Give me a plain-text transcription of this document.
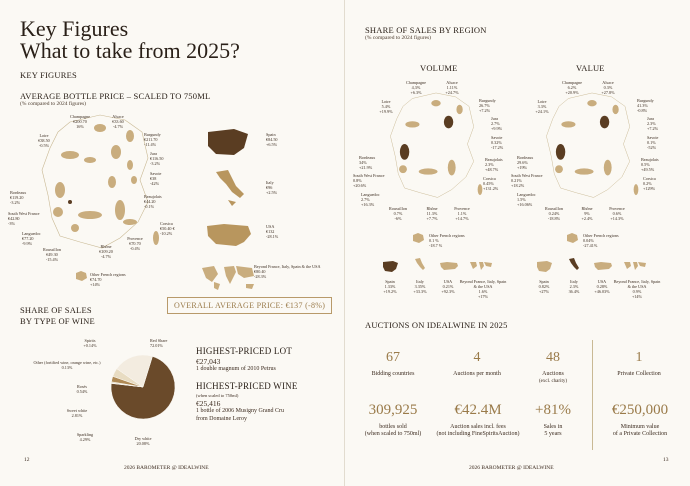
Key Figures
What to take from 2025?
KEY FIGURES
AVERAGE BOTTLE PRICE – SCALED TO 750ML
(% compared to 2024 figures)
Champagne
€200.70
16%
Alsace
€33.60
-4.7%
Loire
€38.50
-0.5%
Burgundy
€211.70
-11.4%
Jura
€116.50
-3.2%
Savoie
€38
-42%
Beaujolais
€44.20
-0.1%
Bordeaux
€119.20
-3.2%
South West France
€42.80
-3%
Languedoc
€77.20
-9.9%
Roussillon
€49.30
-15.4%
Rhône
€109.20
-4.7%
Provence
€70.70
-0.4%
Corsica
€50.40 €
-10.2%
Other French regions
€74.70
+14%
Spain
€84.50
+6.5%
Italy
€96
+2.5%
USA
€132
-28.1%
Beyond France, Italy, Spain & the USA
€80.40
-28.3%
OVERALL AVERAGE PRICE: €137 (-8%)
SHARE OF SALES
BY TYPE OF WINE
Red Share
72.01%
Spirits
+0.14%
Other (fortified wine, orange wine, etc.)
0.13%
Rosés
0.54%
Sweet white
2.81%
Sparkling
4.29%	Dry white
20.08%
HIGHEST-PRICED LOT
€27,043
1 double magnum of 2010 Petrus
HICHEST-PRICED WINE
(when scaled to 750ml)
€25,416
1 bottle of 2006 Musigny Grand Cru
from Domaine Leroy
12
2026 BAROMETER @ IDEALWINE
SHARE OF SALES BY REGION
(% compared to 2024 figures)
VOLUME	VALUE
Champagne
4,3%
+6.3%
Alsace
1.11%
+24.7%
Loire
5.4%
+19.9%
Burgundy
26.7%
+7.2%
Jura
2.7%
+9.9%
Savoie
0.32%
-17.2%
Beaujolais
2.3%
+48.7%
Bordeaux
34%
+21.9%
South West France
0.8%
+20.6%
Languedoc
2.7%
+16.3%
Roussillon
0.7%
-6%
Rhône
11.3%
+7.7%
Provence
1.1%
+14.7%
Corsica
0.45%
+131.2%
Champagne
6.2%
+20.9%
Alsace
0.3%
+27.8%
Loire
3.3%
+24.1%
Burgundy
41.3%
-0.8%
Jura
2.3%
+7.2%
Savoie
0.1%
-52%
Beaujolais
0.5%
+49.5%
Bordeaux
29.6%
+19%
South West France
0.21%
+18.2%
Languedoc
1.5%
+16.06%
Roussillon
0.24%
-18.8%
Rhône
9%
+2.4%
Provence
0.6%
+14.3%
Corsica
0.2%
+129%
Other French regions
0.1 %
-18.7 %
Other French regions
0.04%
-27.41%
Spain
1.33%
+19.2%
Italy
3.35%
+33.3%
USA
0.21%
+92.3%
Beyond France, Italy, Spain & the USA
1.6%
+17%
Spain
0.82%
+27%
Italy
2.3%
36.4%
USA
0.28%
+46.03%
Beyond France, Italy, Spain & the USA
0.9%
+14%
AUCTIONS ON IDEALWINE IN 2025
67
Bidding countries
4
Auctions per month
48
Auctions
(excl. charity)
1
Private Collection
309,925
bottles sold
(when scaled to 750ml)
€42.4M
Auction sales incl. fees
(not including FineSpiritsAuction)
+81%
Sales in
5 years
€250,000
Minimum value
of a Private Collection
2026 BAROMETER @ IDEALWINE
13
